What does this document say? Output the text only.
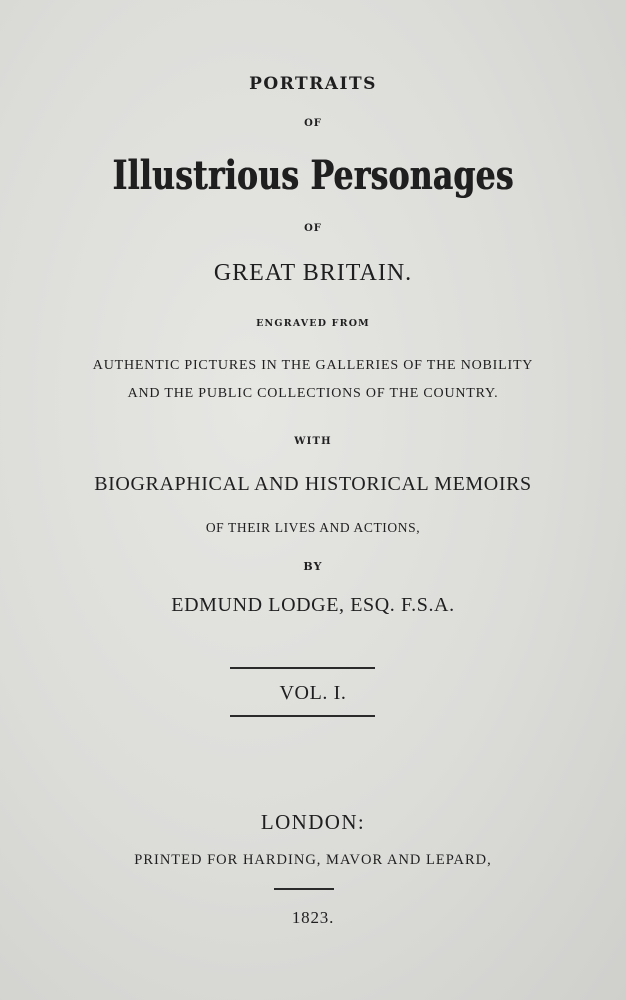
PORTRAITS
OF
Illustrious Personages
OF
GREAT BRITAIN.
ENGRAVED FROM
AUTHENTIC PICTURES IN THE GALLERIES OF THE NOBILITY
AND THE PUBLIC COLLECTIONS OF THE COUNTRY.
WITH
BIOGRAPHICAL AND HISTORICAL MEMOIRS
OF THEIR LIVES AND ACTIONS,
BY
EDMUND LODGE, ESQ. F.S.A.
VOL. I.
LONDON:
PRINTED FOR HARDING, MAVOR AND LEPARD,
1823.
